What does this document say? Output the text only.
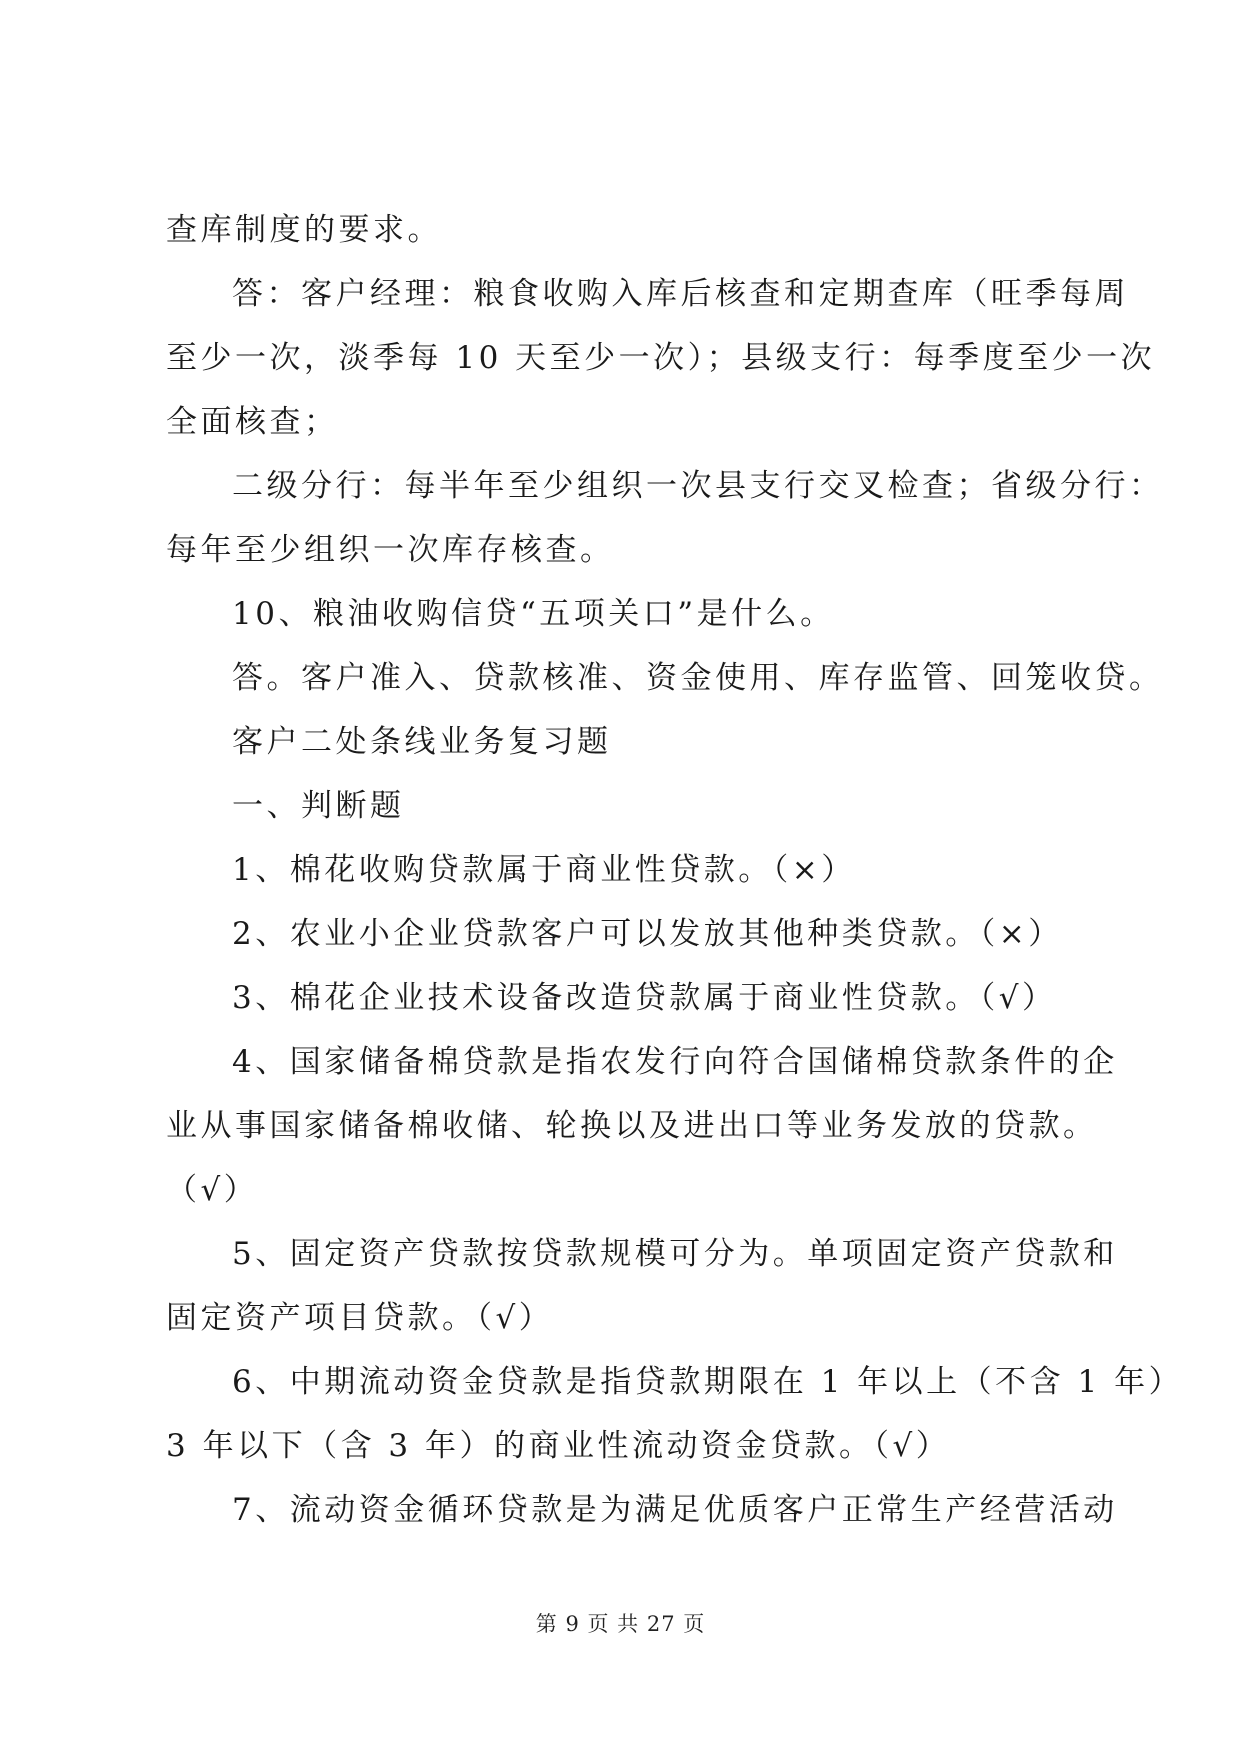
查库制度的要求。
答：客户经理：粮食收购入库后核查和定期查库（旺季每周
至少一次，淡季每 10 天至少一次）；县级支行：每季度至少一次
全面核查；
二级分行：每半年至少组织一次县支行交叉检查；省级分行：
每年至少组织一次库存核查。
10、粮油收购信贷“五项关口”是什么。
答。客户准入、贷款核准、资金使用、库存监管、回笼收贷。
客户二处条线业务复习题
一、判断题
1、棉花收购贷款属于商业性贷款。（×）
2、农业小企业贷款客户可以发放其他种类贷款。（×）
3、棉花企业技术设备改造贷款属于商业性贷款。（√）
4、国家储备棉贷款是指农发行向符合国储棉贷款条件的企
业从事国家储备棉收储、轮换以及进出口等业务发放的贷款。
（√）
5、固定资产贷款按贷款规模可分为。单项固定资产贷款和
固定资产项目贷款。（√）
6、中期流动资金贷款是指贷款期限在 1 年以上（不含 1 年）
3 年以下（含 3 年）的商业性流动资金贷款。（√）
7、流动资金循环贷款是为满足优质客户正常生产经营活动
第 9 页 共 27 页
